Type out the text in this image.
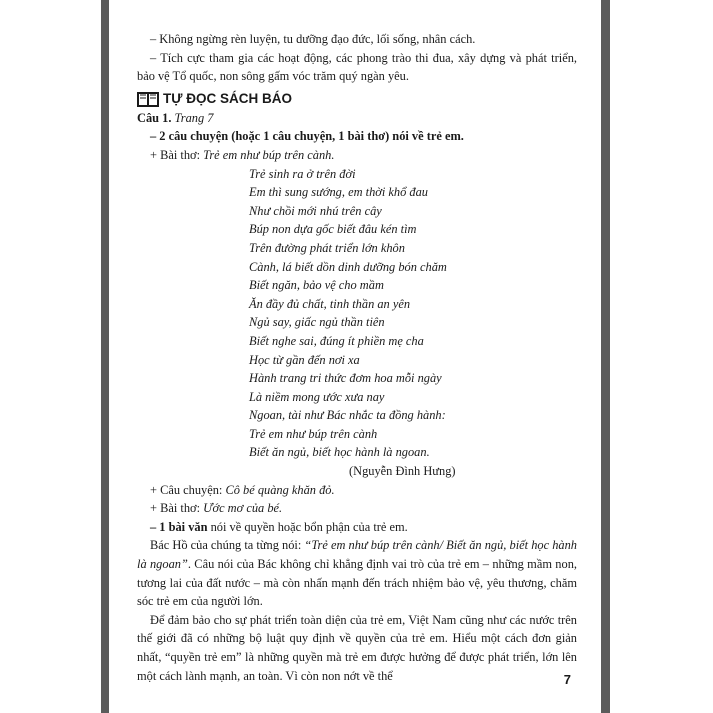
– Không ngừng rèn luyện, tu dưỡng đạo đức, lối sống, nhân cách.

– Tích cực tham gia các hoạt động, các phong trào thi đua, xây dựng và phát triển, bảo vệ Tổ quốc, non sông gấm vóc trăm quý ngàn yêu.

TỰ ĐỌC SÁCH BÁO

Câu 1. Trang 7

– 2 câu chuyện (hoặc 1 câu chuyện, 1 bài thơ) nói về trẻ em.

+ Bài thơ: Trẻ em như búp trên cành.

Trẻ sinh ra ở trên đời

Em thì sung sướng, em thời khổ đau

Như chồi mới nhú trên cây

Búp non dựa gốc biết đâu kén tìm

Trên đường phát triển lớn khôn

Cành, lá biết dồn dinh dưỡng bón chăm

Biết ngăn, bảo vệ cho mầm

Ăn đầy đủ chất, tinh thần an yên

Ngủ say, giấc ngủ thần tiên

Biết nghe sai, đúng ít phiền mẹ cha

Học từ gần đến nơi xa

Hành trang tri thức đơm hoa mỗi ngày

Là niềm mong ước xưa nay

Ngoan, tài như Bác nhắc ta đồng hành:

Trẻ em như búp trên cành

Biết ăn ngủ, biết học hành là ngoan.

(Nguyễn Đình Hưng)

+ Câu chuyện: Cô bé quàng khăn đỏ.

+ Bài thơ: Ước mơ của bé.

– 1 bài văn nói về quyền hoặc bổn phận của trẻ em.

Bác Hồ của chúng ta từng nói: “Trẻ em như búp trên cành/ Biết ăn ngủ, biết học hành là ngoan”. Câu nói của Bác không chỉ khẳng định vai trò của trẻ em – những mầm non, tương lai của đất nước – mà còn nhấn mạnh đến trách nhiệm bảo vệ, yêu thương, chăm sóc trẻ em của người lớn.

Để đảm bảo cho sự phát triển toàn diện của trẻ em, Việt Nam cũng như các nước trên thế giới đã có những bộ luật quy định về quyền của trẻ em. Hiểu một cách đơn giản nhất, “quyền trẻ em” là những quyền mà trẻ em được hưởng để được phát triển, lớn lên một cách lành mạnh, an toàn. Vì còn non nớt về thể	7
